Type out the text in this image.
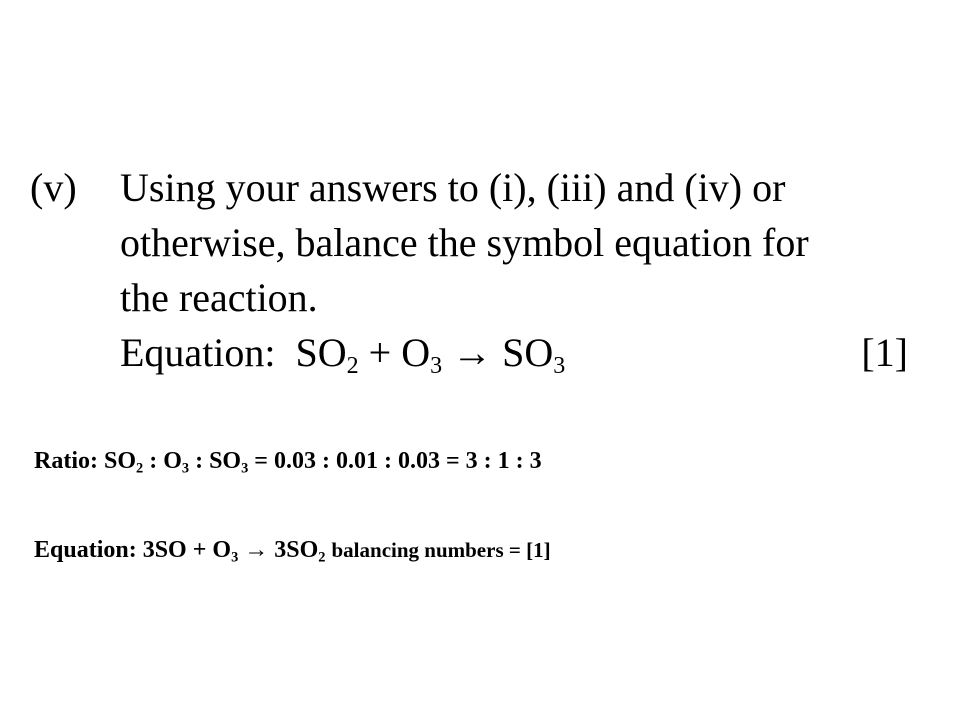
(v)	Using your answers to (i), (iii) and (iv) or
otherwise, balance the symbol equation for
the reaction.
Equation: $SO_2 + O_3 \to SO_3$	[1]
Ratio: $SO_2$ : $O_3$ : $SO_3 = 0.03$ : 0.01 : 0.03 = 3 : 1 : 3
Equation: $3SO + O_3 \to 3SO_2$ balancing numbers = [1]
